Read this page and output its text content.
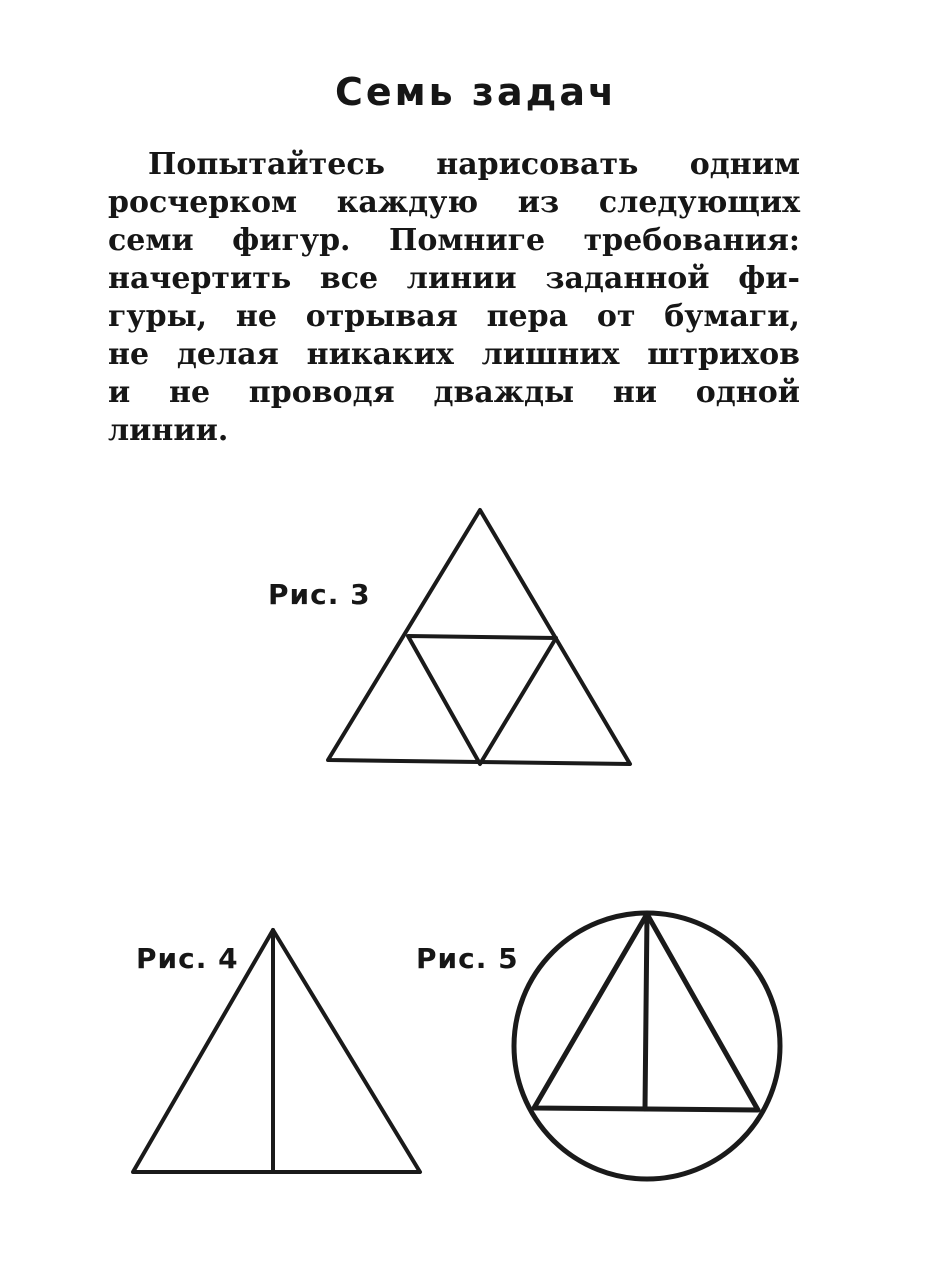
Семь задач
Попытайтесь нарисовать одним
росчерком каждую из следующих
семи фигур. Помниге требования:
начертить все линии заданной фи-
гуры, не отрывая пера от бумаги,
не делая никаких лишних штрихов
и не проводя дважды ни одной
линии.
Рис. 3
Рис. 4	Рис. 5
